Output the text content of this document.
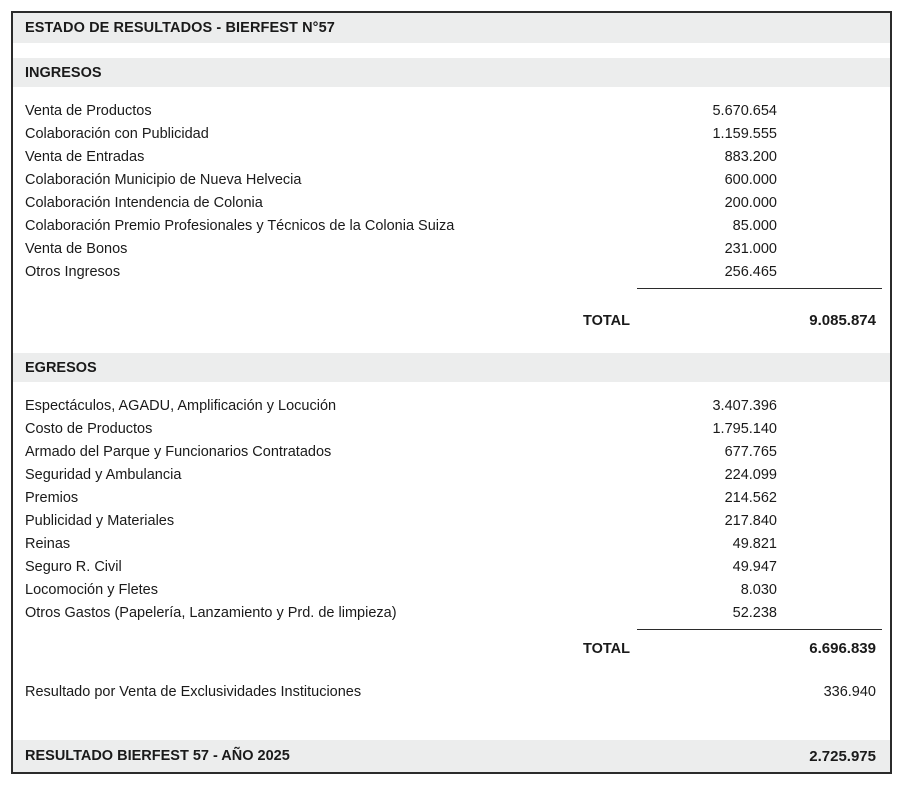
ESTADO DE RESULTADOS - BIERFEST N°57
INGRESOS
Venta de Productos	5.670.654
Colaboración con Publicidad	1.159.555
Venta de Entradas	883.200
Colaboración Municipio de Nueva Helvecia	600.000
Colaboración Intendencia de Colonia	200.000
Colaboración Premio Profesionales y Técnicos de la Colonia Suiza	85.000
Venta de Bonos	231.000
Otros Ingresos	256.465
TOTAL	9.085.874
EGRESOS
Espectáculos, AGADU, Amplificación y Locución	3.407.396
Costo de Productos	1.795.140
Armado del Parque y Funcionarios Contratados	677.765
Seguridad y Ambulancia	224.099
Premios	214.562
Publicidad y Materiales	217.840
Reinas	49.821
Seguro R. Civil	49.947
Locomoción y Fletes	8.030
Otros Gastos (Papelería, Lanzamiento y Prd. de limpieza)	52.238
TOTAL	6.696.839
Resultado por Venta de Exclusividades Instituciones	336.940
RESULTADO BIERFEST 57 - AÑO 2025	2.725.975
